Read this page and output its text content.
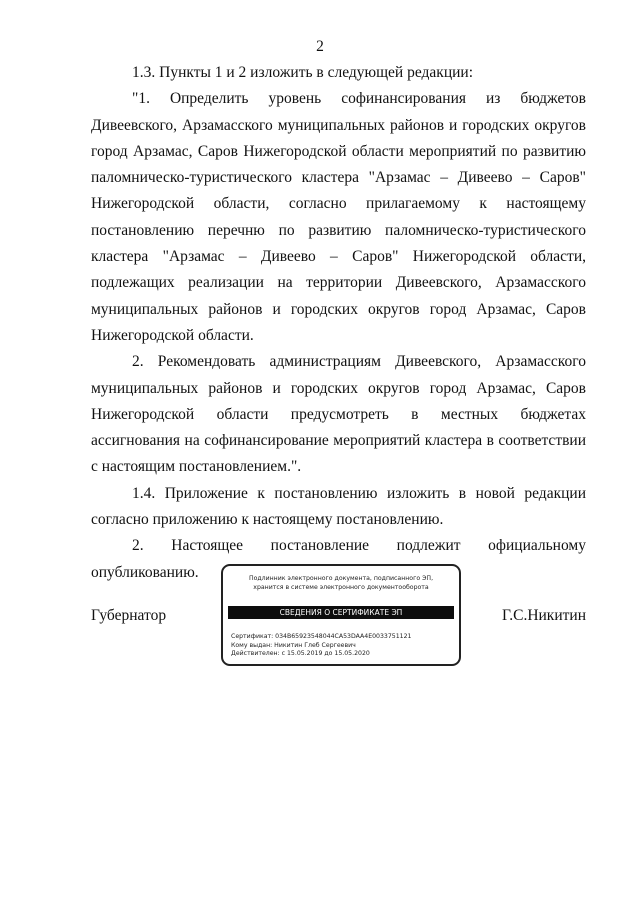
2

1.3. Пункты 1 и 2 изложить в следующей редакции:

"1. Определить уровень софинансирования из бюджетов Дивеевского, Арзамасского муниципальных районов и городских округов город Арзамас, Саров Нижегородской области мероприятий по развитию паломническо-туристического кластера "Арзамас – Дивеево – Саров" Нижегородской области, согласно прилагаемому к настоящему постановлению перечню по развитию паломническо-туристического кластера "Арзамас – Дивеево – Саров" Нижегородской области, подлежащих реализации на территории Дивеевского, Арзамасского муниципальных районов и городских округов город Арзамас, Саров Нижегородской области.

2. Рекомендовать администрациям Дивеевского, Арзамасского муниципальных районов и городских округов город Арзамас, Саров Нижегородской области предусмотреть в местных бюджетах ассигнования на софинансирование мероприятий кластера в соответствии с настоящим постановлением.".

1.4. Приложение к постановлению изложить в новой редакции согласно приложению к настоящему постановлению.

2. Настоящее постановление подлежит официальному опубликованию.

Губернатор	Г.С.Никитин
Подлинник электронного документа, подписанного ЭП,
хранится в системе электронного документооборота
СВЕДЕНИЯ О СЕРТИФИКАТЕ ЭП
Сертификат: 034B65923548044CA53DAA4E0033751121
Кому выдан: Никитин Глеб Сергеевич
Действителен: с 15.05.2019 до 15.05.2020
